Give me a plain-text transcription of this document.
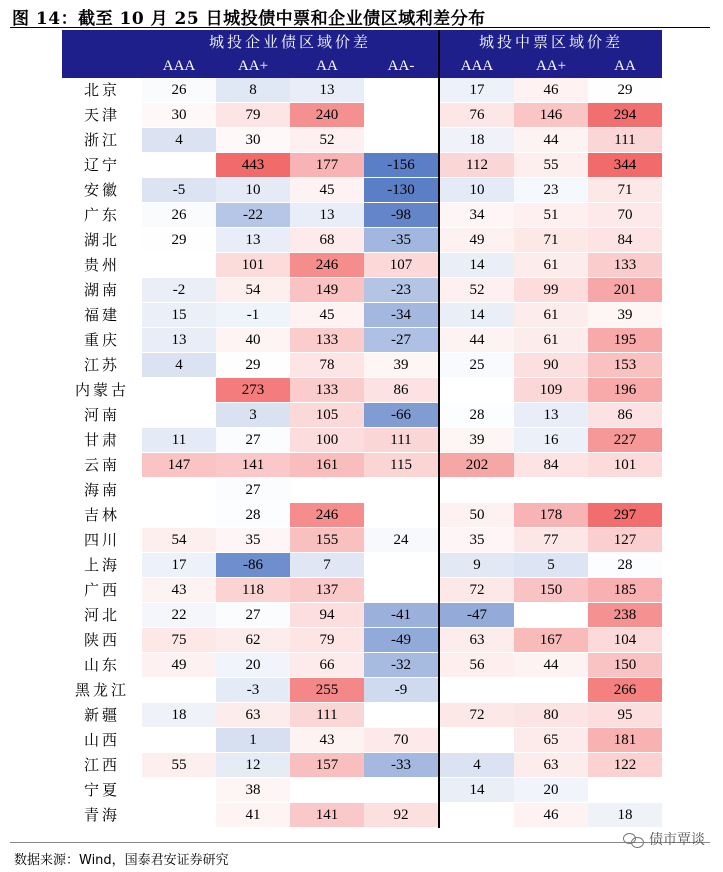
图 14：截至 10 月 25 日城投债中票和企业债区域利差分布
	城投企业债区域价差				城投中票区域价差		
	AAA	AA+	AA	AA-	AAA	AA+	AA
北京	26	8	13		17	46	29
天津	30	79	240		76	146	294
浙江	4	30	52		18	44	111
辽宁		443	177	-156	112	55	344
安徽	-5	10	45	-130	10	23	71
广东	26	-22	13	-98	34	51	70
湖北	29	13	68	-35	49	71	84
贵州		101	246	107	14	61	133
湖南	-2	54	149	-23	52	99	201
福建	15	-1	45	-34	14	61	39
重庆	13	40	133	-27	44	61	195
江苏	4	29	78	39	25	90	153
内蒙古		273	133	86		109	196
河南		3	105	-66	28	13	86
甘肃	11	27	100	111	39	16	227
云南	147	141	161	115	202	84	101
海南		27					
吉林		28	246		50	178	297
四川	54	35	155	24	35	77	127
上海	17	-86	7		9	5	28
广西	43	118	137		72	150	185
河北	22	27	94	-41	-47		238
陕西	75	62	79	-49	63	167	104
山东	49	20	66	-32	56	44	150
黑龙江		-3	255	-9			266
新疆	18	63	111		72	80	95
山西		1	43	70		65	181
江西	55	12	157	-33	4	63	122
宁夏		38			14	20	
青海		41	141	92		46	18
数据来源：Wind，国泰君安证券研究
债市覃谈
